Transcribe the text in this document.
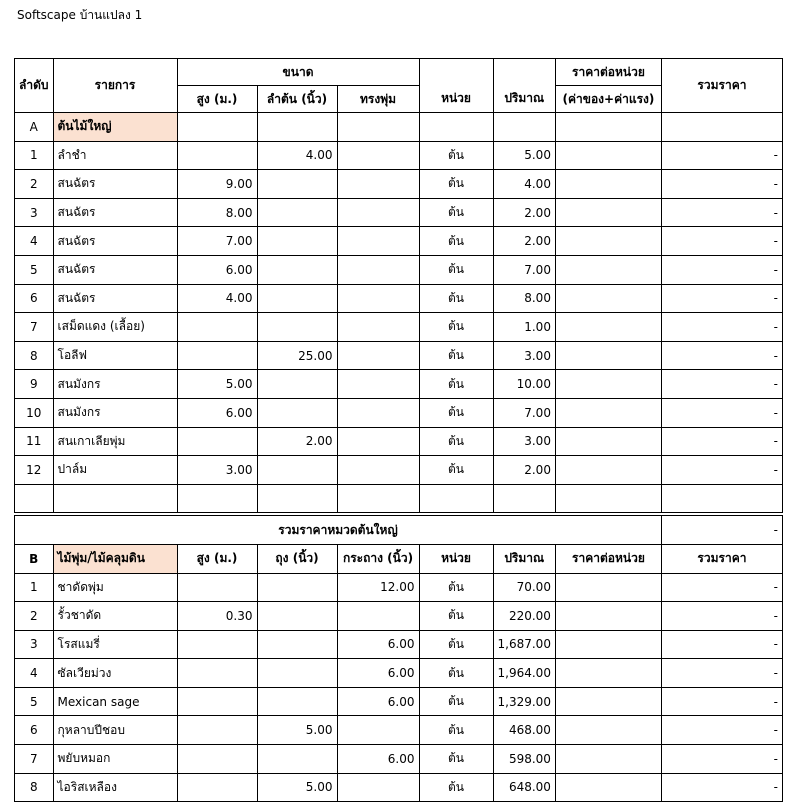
Softscape บ้านแปลง 1
ลำดับ	รายการ	ขนาด			หน่วย	ปริมาณ	ราคาต่อหน่วย	รวมราคา
		สูง (ม.)	ลำต้น (นิ้ว)	ทรงพุ่ม			(ค่าของ+ค่าแรง)	
A	ต้นไม้ใหญ่							
1	ลำชำ		4.00		ต้น	5.00		-
2	สนฉัตร	9.00			ต้น	4.00		-
3	สนฉัตร	8.00			ต้น	2.00		-
4	สนฉัตร	7.00			ต้น	2.00		-
5	สนฉัตร	6.00			ต้น	7.00		-
6	สนฉัตร	4.00			ต้น	8.00		-
7	เสม็ดแดง (เลื้อย)				ต้น	1.00		-
8	โอลีฟ		25.00		ต้น	3.00		-
9	สนมังกร	5.00			ต้น	10.00		-
10	สนมังกร	6.00			ต้น	7.00		-
11	สนเกาเลียพุ่ม		2.00		ต้น	3.00		-
12	ปาล์ม	3.00			ต้น	2.00		-

รวมราคาหมวดต้นใหญ่								-
B	ไม้พุ่ม/ไม้คลุมดิน	สูง (ม.)	ถุง (นิ้ว)	กระถาง (นิ้ว)	หน่วย	ปริมาณ	ราคาต่อหน่วย	รวมราคา
1	ชาดัดพุ่ม			12.00	ต้น	70.00		-
2	รั้วชาดัด	0.30			ต้น	220.00		-
3	โรสแมรี่			6.00	ต้น	1,687.00		-
4	ซัลเวียม่วง			6.00	ต้น	1,964.00		-
5	Mexican sage			6.00	ต้น	1,329.00		-
6	กุหลาบปีชอบ		5.00		ต้น	468.00		-
7	พยับหมอก			6.00	ต้น	598.00		-
8	ไอริสเหลือง		5.00		ต้น	648.00		-
